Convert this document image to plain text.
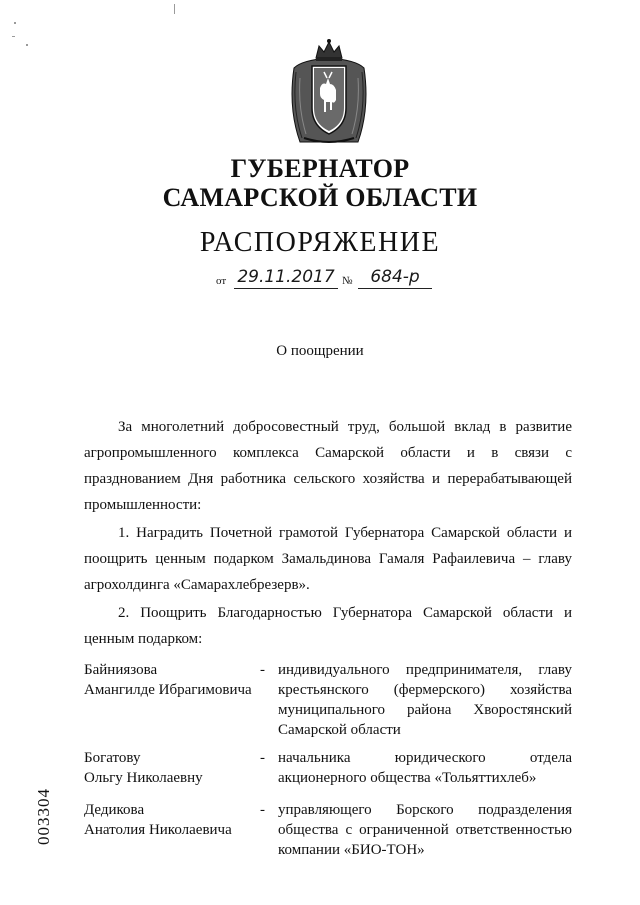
ГУБЕРНАТОР
САМАРСКОЙ ОБЛАСТИ
РАСПОРЯЖЕНИЕ
от 29.11.2017 №	684-р
О поощрении
За многолетний добросовестный труд, большой вклад в развитие агропромышленного комплекса Самарской области и в связи с празднованием Дня работника сельского хозяйства и перерабатывающей промышленности:
1. Наградить Почетной грамотой Губернатора Самарской области и поощрить ценным подарком Замальдинова Гамаля Рафаилевича – главу агрохолдинга «Самарахлебрезерв».
2. Поощрить Благодарностью Губернатора Самарской области и ценным подарком:
Байниязова
Амангилде Ибрагимовича
- индивидуального предпринимателя, главу крестьянского (фермерского) хозяйства муниципального района Хворостянский Самарской области
Богатову
Ольгу Николаевну
- начальника юридического отдела акционерного общества «Тольяттихлеб»
Дедикова
Анатолия Николаевича
- управляющего Борского подразделения общества с ограниченной ответственностью компании «БИО-ТОН»
003304
